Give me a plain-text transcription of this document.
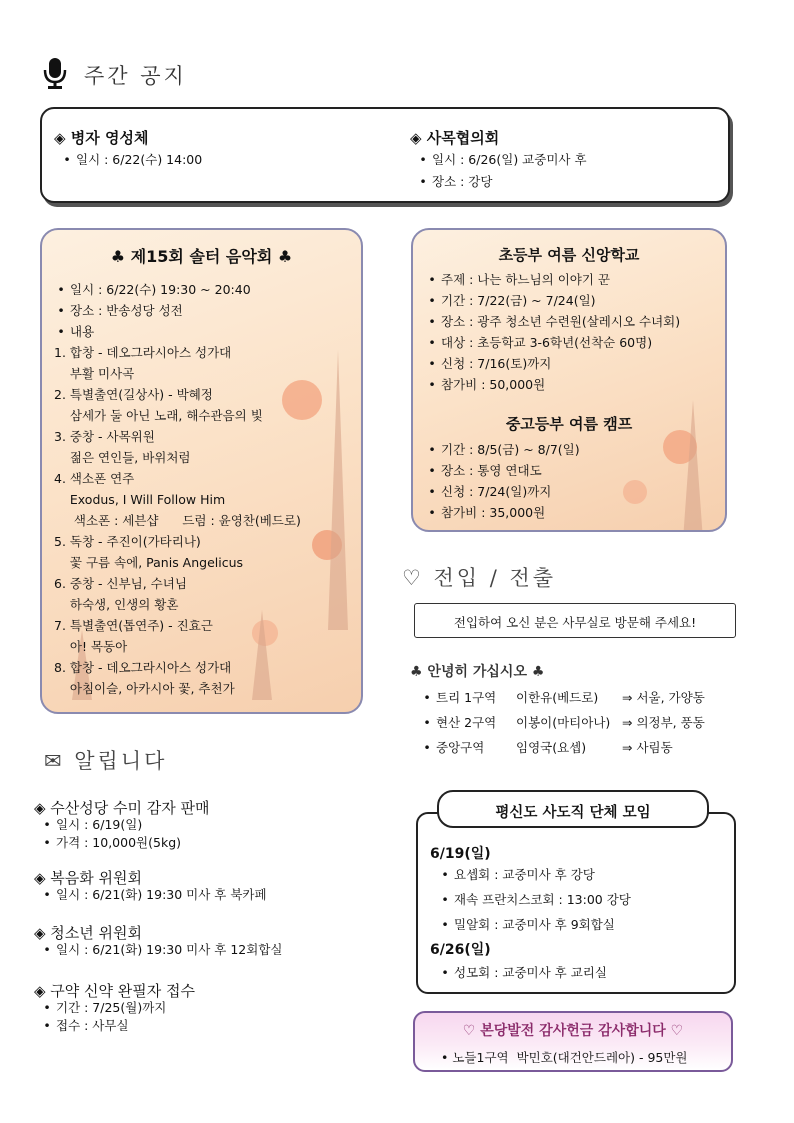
주간 공지
◈ 병자 영성체
• 일시 : 6/22(수) 14:00
◈ 사목협의회
• 일시 : 6/26(일) 교중미사 후
• 장소 : 강당
♣ 제15회 솔터 음악회 ♣
• 일시 : 6/22(수) 19:30 ~ 20:40
• 장소 : 반송성당 성전
• 내용
1. 합창 - 데오그라시아스 성가대
부활 미사곡
2. 특별출연(길상사) - 박혜정
삼세가 둘 아닌 노래, 해수관음의 빛
3. 중창 - 사목위원
젊은 연인들, 바위처럼
4. 색소폰 연주
Exodus, I Will Follow Him
색소폰 : 세븐샵      드럼 : 윤영찬(베드로)
5. 독창 - 주진이(가타리나)
꽃 구름 속에, Panis Angelicus
6. 중창 - 신부님, 수녀님
하숙생, 인생의 황혼
7. 특별출연(톱연주) - 진효근
아! 목동아
8. 합창 - 데오그라시아스 성가대
아침이슬, 아카시아 꽃, 추천가
초등부 여름 신앙학교
• 주제 : 나는 하느님의 이야기 꾼
• 기간 : 7/22(금) ~ 7/24(일)
• 장소 : 광주 청소년 수련원(살레시오 수녀회)
• 대상 : 초등학교 3-6학년(선착순 60명)
• 신청 : 7/16(토)까지
• 참가비 : 50,000원
중고등부 여름 캠프
• 기간 : 8/5(금) ~ 8/7(일)
• 장소 : 통영 연대도
• 신청 : 7/24(일)까지
• 참가비 : 35,000원
♡ 전입 / 전출
전입하여 오신 분은 사무실로 방문해 주세요!
♣ 안녕히 가십시오 ♣
• 트리 1구역 이한유(베드로) ⇒ 서울, 가양동
• 현산 2구역 이봉이(마티아나) ⇒ 의정부, 풍동
• 중앙구역	임영국(요셉)	⇒ 사림동
✉ 알립니다
◈ 수산성당 수미 감자 판매
• 일시 : 6/19(일)
• 가격 : 10,000원(5kg)
◈ 복음화 위원회
• 일시 : 6/21(화) 19:30 미사 후 북카페
◈ 청소년 위원회
• 일시 : 6/21(화) 19:30 미사 후 12회합실
◈ 구약 신약 완필자 접수
• 기간 : 7/25(월)까지
• 접수 : 사무실
6/19(일)
• 요셉회 : 교중미사 후 강당
• 재속 프란치스코회 : 13:00 강당
• 밀알회 : 교중미사 후 9회합실
6/26(일)
• 성모회 : 교중미사 후 교리실
평신도 사도직 단체 모임
♡ 본당발전 감사헌금 감사합니다 ♡
• 노들1구역  박민호(대건안드레아) - 95만원
